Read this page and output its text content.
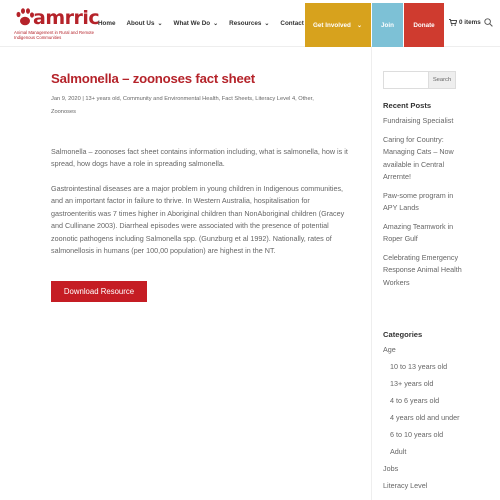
amrric
Animal Management in Rural and Remote Indigenous Communities
Home About Us ⌄ What We Do ⌄ Resources ⌄ Contact Get Involved ⌄	Join	Donate	0 items
Salmonella – zoonoses fact sheet
Jan 9, 2020 | 13+ years old, Community and Environmental Health, Fact Sheets, Literacy Level 4, Other,
Zoonoses

Salmonella – zoonoses fact sheet contains information including, what is salmonella, how is it spread, how dogs have a role in spreading salmonella.

Gastrointestinal diseases are a major problem in young children in Indigenous communities, and an important factor in failure to thrive. In Western Australia, hospitalisation for gastroenteritis was 7 times higher in Aboriginal children than NonAboriginal children (Gracey and Cullinane 2003). Diarrheal episodes were associated with the presence of potential zoonotic pathogens including Salmonella spp. (Gunzburg et al 1992). Nationally, rates of salmonellosis in humans (per 100,00 population) are highest in the NT.

Download Resource
Search
Recent Posts
Fundraising Specialist
Caring for Country: Managing Cats – Now available in Central Arrernte!
Paw-some program in APY Lands
Amazing Teamwork in Roper Gulf
Celebrating Emergency Response Animal Health Workers
Categories
Age
10 to 13 years old
13+ years old
4 to 6 years old
4 years old and under
6 to 10 years old
Adult
Jobs
Literacy Level
